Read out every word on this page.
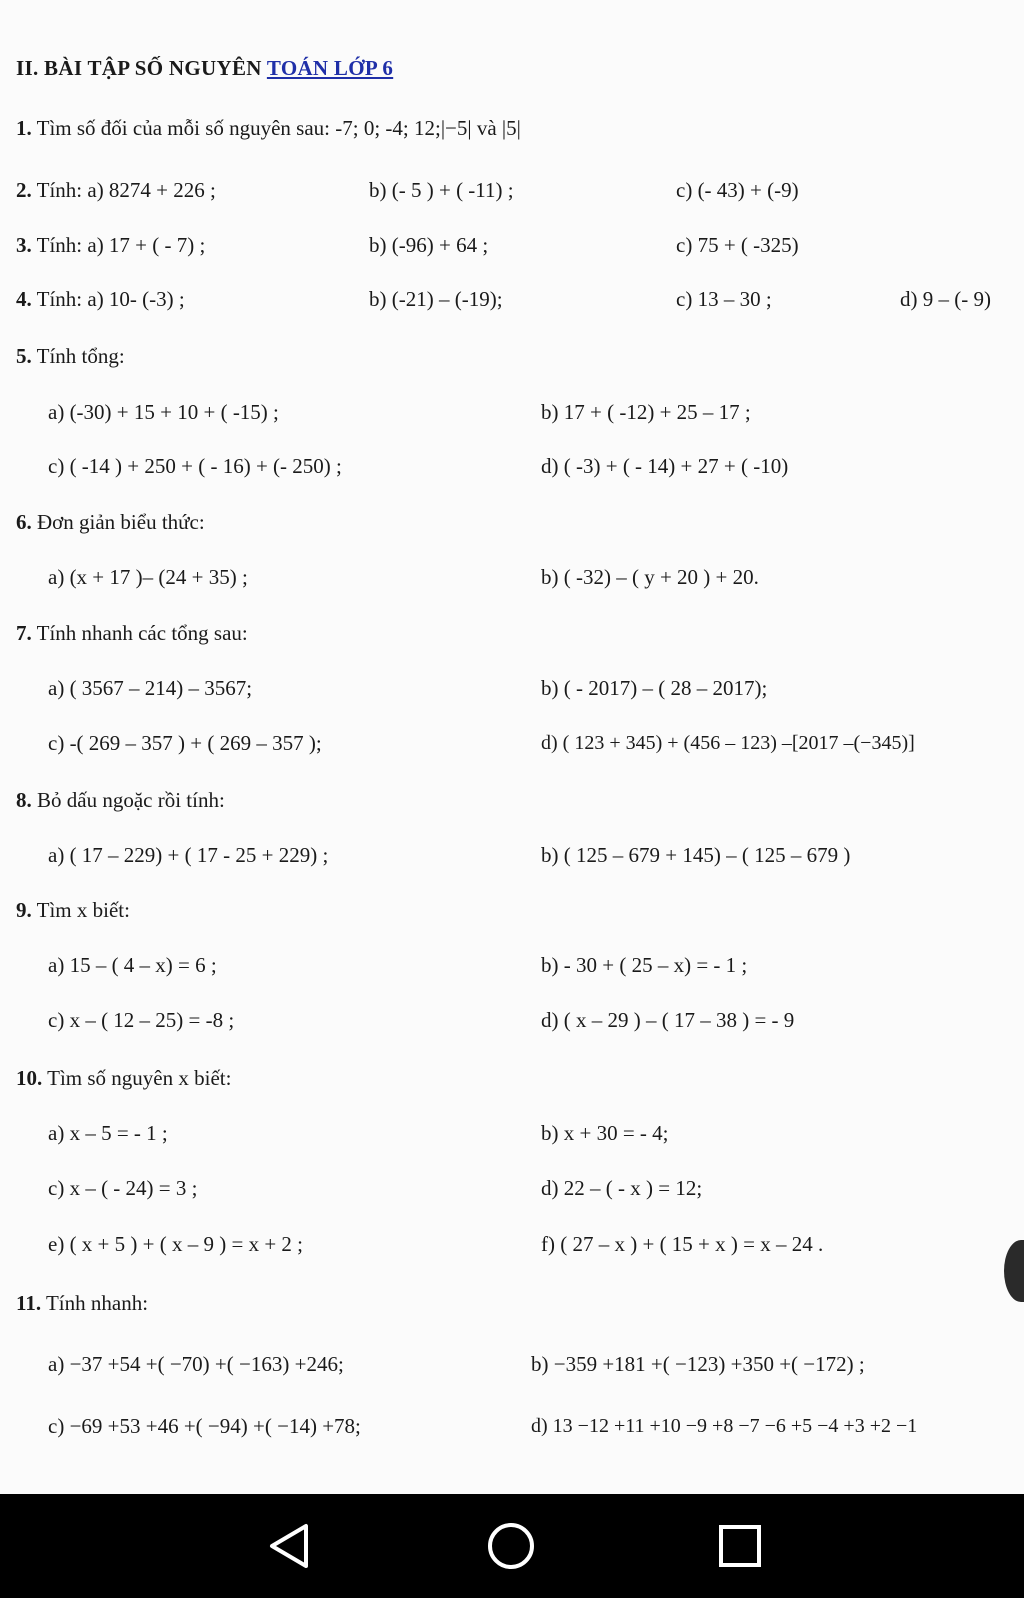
II. BÀI TẬP SỐ NGUYÊN TOÁN LỚP 6
1. Tìm số đối của mỗi số nguyên sau: -7; 0; -4; 12;|−5| và |5|
2. Tính: a) 8274 + 226 ;	b) (- 5 ) + ( -11) ;	c) (- 43) + (-9)
3. Tính: a) 17 + ( - 7) ;	b) (-96) + 64 ;	c) 75 + ( -325)
4. Tính: a) 10- (-3) ;	b) (-21) – (-19);	c) 13 – 30 ;	d) 9 – (- 9)
5. Tính tổng:
a) (-30) + 15 + 10 + ( -15) ;	b) 17 + ( -12) + 25 – 17 ;
c) ( -14 ) + 250 + ( - 16) + (- 250) ;	d) ( -3) + ( - 14) + 27 + ( -10)
6. Đơn giản biểu thức:
a) (x + 17 )– (24 + 35) ;	b) ( -32) – ( y + 20 ) + 20.
7. Tính nhanh các tổng sau:
a) ( 3567 – 214) – 3567;	b) ( - 2017) – ( 28 – 2017);
c) -( 269 – 357 ) + ( 269 – 357 );	d) ( 123 + 345) + (456 – 123) –[2017 –(−345)]
8. Bỏ dấu ngoặc rồi tính:
a) ( 17 – 229) + ( 17 - 25 + 229) ;	b) ( 125 – 679 + 145) – ( 125 – 679 )
9. Tìm x biết:
a) 15 – ( 4 – x) = 6 ;	b) - 30 + ( 25 – x) = - 1 ;
c) x – ( 12 – 25) = -8 ;	d) ( x – 29 ) – ( 17 – 38 ) = - 9
10. Tìm số nguyên x biết:
a) x – 5 = - 1 ;	b) x + 30 = - 4;
c) x – ( - 24) = 3 ;	d) 22 – ( - x ) = 12;
e) ( x + 5 ) + ( x – 9 ) = x + 2 ;	f) ( 27 – x ) + ( 15 + x ) = x – 24 .
11. Tính nhanh:
a) −37 +54 +( −70) +( −163) +246;	b) −359 +181 +( −123) +350 +( −172) ;
c) −69 +53 +46 +( −94) +( −14) +78;	d) 13 −12 +11 +10 −9 +8 −7 −6 +5 −4 +3 +2 −1
